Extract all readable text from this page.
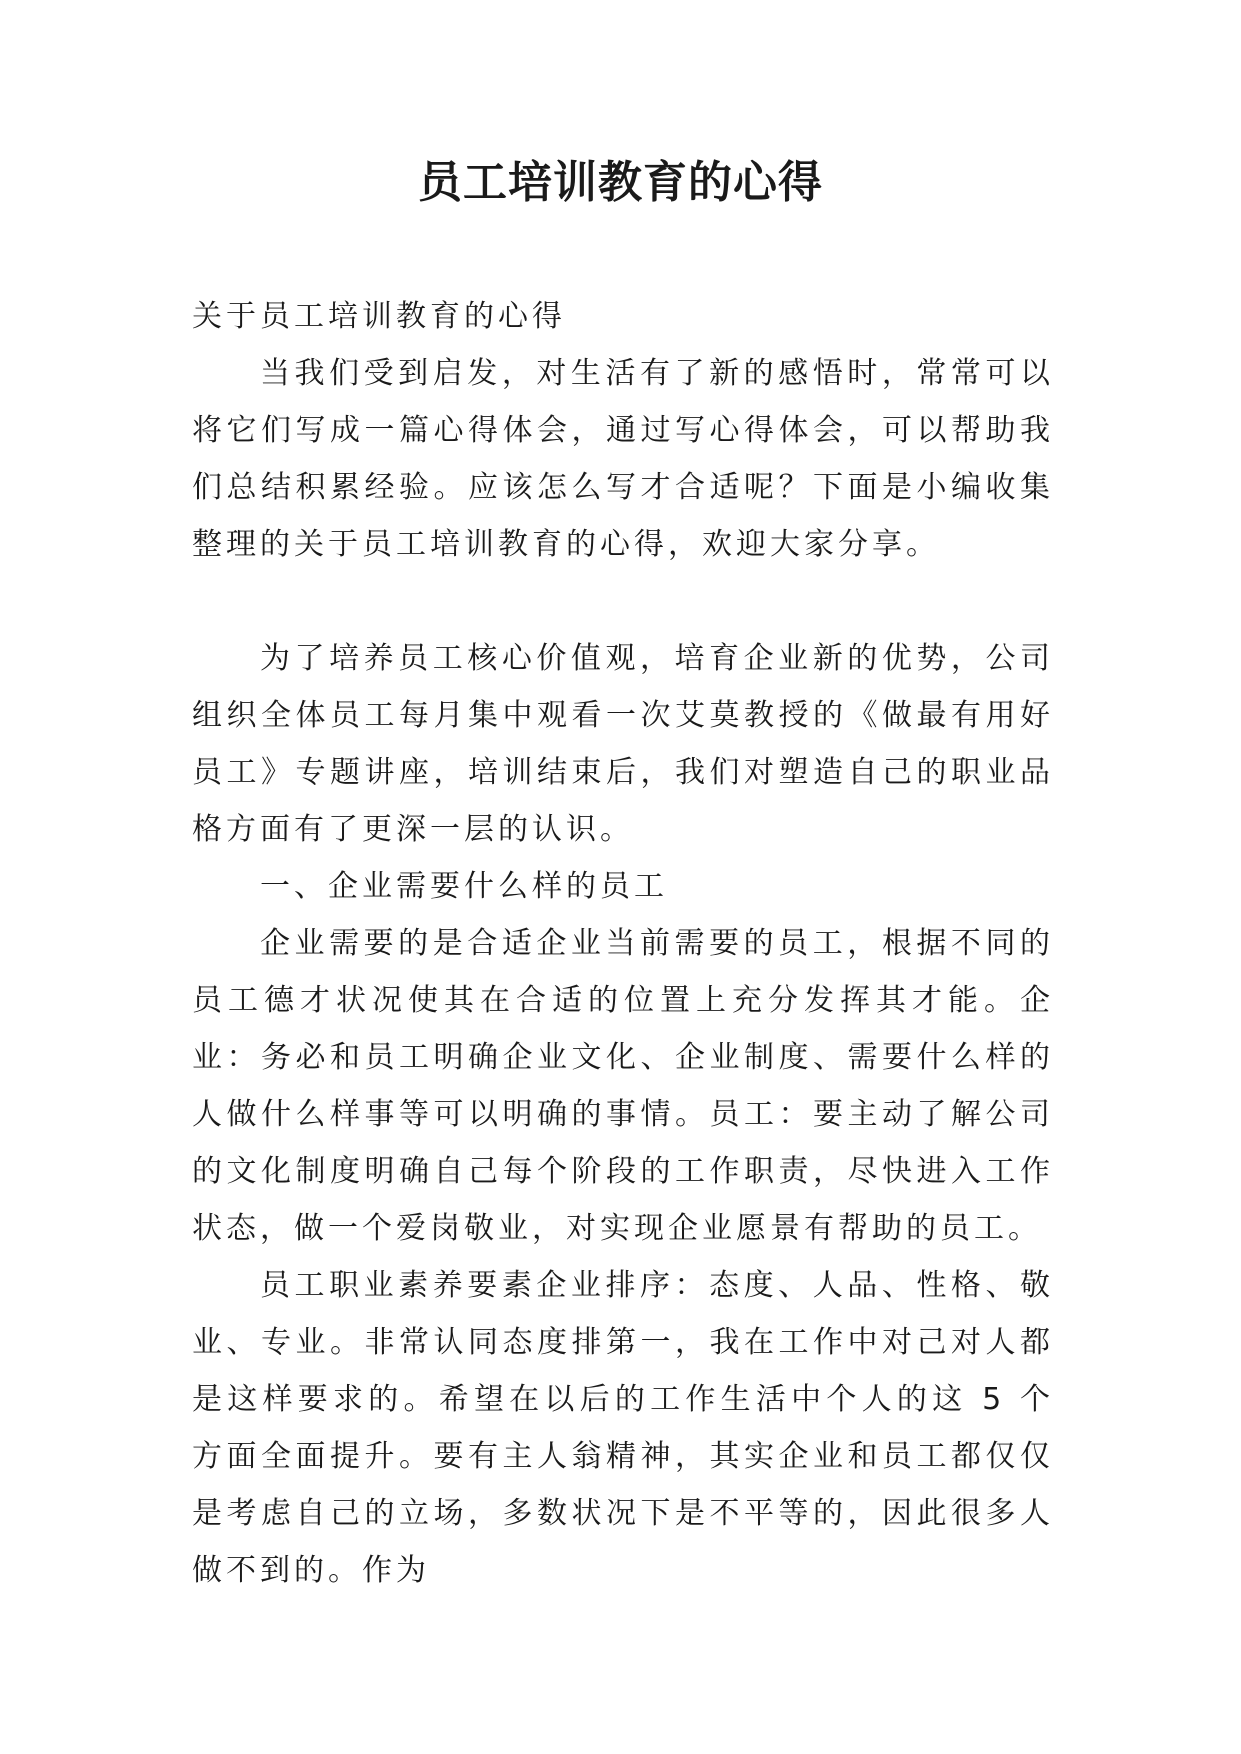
员工培训教育的心得

关于员工培训教育的心得

当我们受到启发，对生活有了新的感悟时，常常可以将它们写成一篇心得体会，通过写心得体会，可以帮助我们总结积累经验。应该怎么写才合适呢？下面是小编收集整理的关于员工培训教育的心得，欢迎大家分享。

为了培养员工核心价值观，培育企业新的优势，公司组织全体员工每月集中观看一次艾莫教授的《做最有用好员工》专题讲座，培训结束后，我们对塑造自己的职业品格方面有了更深一层的认识。

一、企业需要什么样的员工

企业需要的是合适企业当前需要的员工，根据不同的员工德才状况使其在合适的位置上充分发挥其才能。企业：务必和员工明确企业文化、企业制度、需要什么样的人做什么样事等可以明确的事情。员工：要主动了解公司的文化制度明确自己每个阶段的工作职责，尽快进入工作状态，做一个爱岗敬业，对实现企业愿景有帮助的员工。

员工职业素养要素企业排序：态度、人品、性格、敬业、专业。非常认同态度排第一，我在工作中对己对人都是这样要求的。希望在以后的工作生活中个人的这 5 个方面全面提升。要有主人翁精神，其实企业和员工都仅仅是考虑自己的立场，多数状况下是不平等的，因此很多人做不到的。作为
